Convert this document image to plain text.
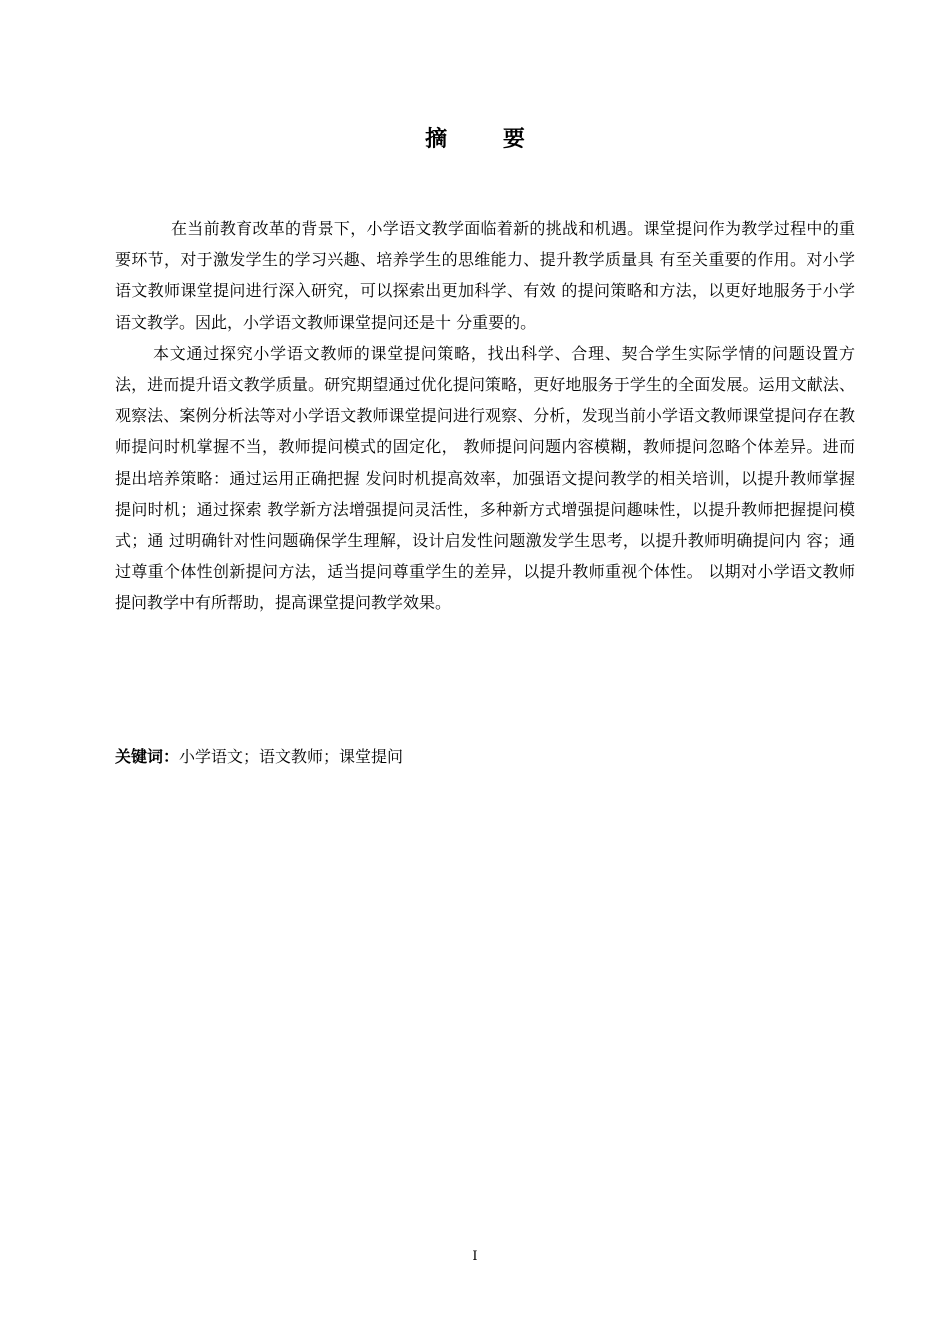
摘 要

在当前教育改革的背景下，小学语文教学面临着新的挑战和机遇。课堂提问作为教学过程中的重要环节，对于激发学生的学习兴趣、培养学生的思维能力、提升教学质量具 有至关重要的作用。对小学语文教师课堂提问进行深入研究，可以探索出更加科学、有效 的提问策略和方法，以更好地服务于小学语文教学。因此，小学语文教师课堂提问还是十 分重要的。

本文通过探究小学语文教师的课堂提问策略，找出科学、合理、契合学生实际学情的问题设置方法，进而提升语文教学质量。研究期望通过优化提问策略，更好地服务于学生的全面发展。运用文献法、观察法、案例分析法等对小学语文教师课堂提问进行观察、分析，发现当前小学语文教师课堂提问存在教师提问时机掌握不当，教师提问模式的固定化， 教师提问问题内容模糊，教师提问忽略个体差异。进而提出培养策略：通过运用正确把握 发问时机提高效率，加强语文提问教学的相关培训，以提升教师掌握提问时机；通过探索 教学新方法增强提问灵活性，多种新方式增强提问趣味性，以提升教师把握提问模式；通 过明确针对性问题确保学生理解，设计启发性问题激发学生思考，以提升教师明确提问内 容；通过尊重个体性创新提问方法，适当提问尊重学生的差异，以提升教师重视个体性。 以期对小学语文教师提问教学中有所帮助，提高课堂提问教学效果。

关键词：小学语文；语文教师；课堂提问
I
